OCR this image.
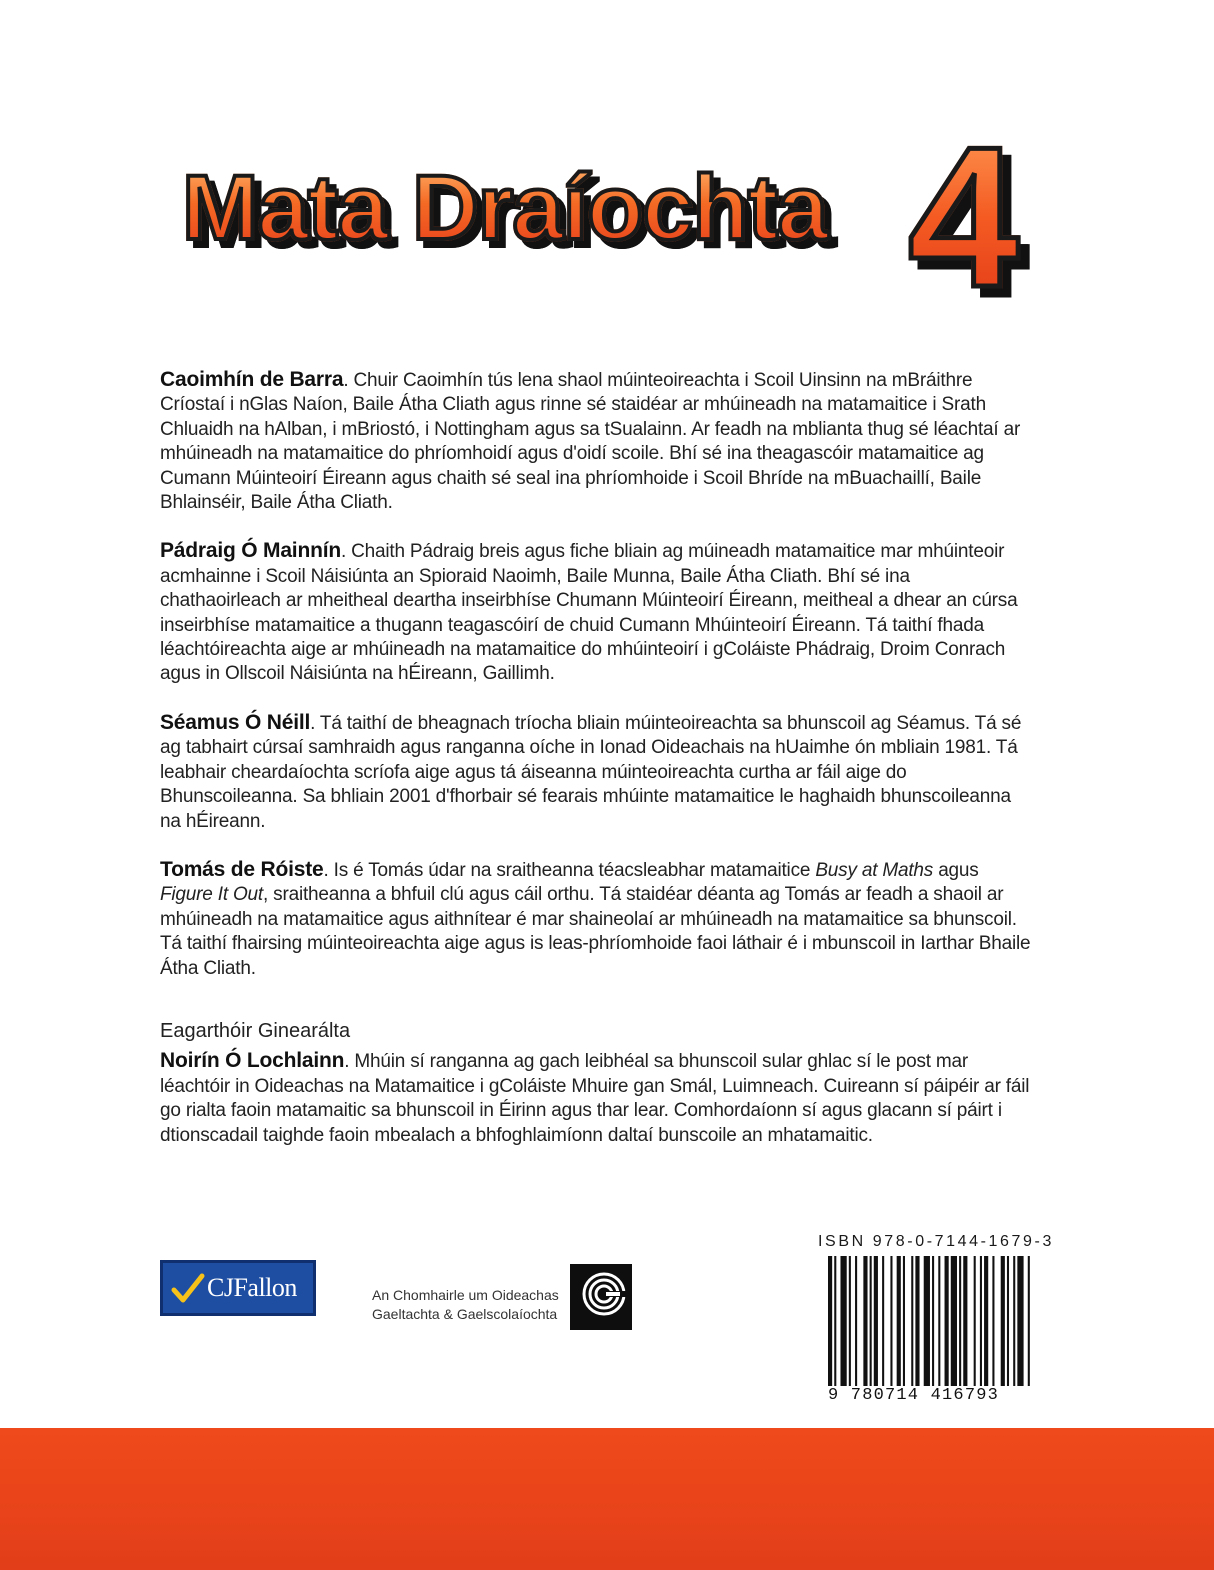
Mata Draíochta 4

Caoimhín de Barra. Chuir Caoimhín tús lena shaol múinteoireachta i Scoil Uinsinn na mBráithre Críostaí i nGlas Naíon, Baile Átha Cliath agus rinne sé staidéar ar mhúineadh na matamaitice i Srath Chluaidh na hAlban, i mBriostó, i Nottingham agus sa tSualainn. Ar feadh na mblianta thug sé léachtaí ar mhúineadh na matamaitice do phríomhoidí agus d'oidí scoile. Bhí sé ina theagascóir matamaitice ag Cumann Múinteoirí Éireann agus chaith sé seal ina phríomhoide i Scoil Bhríde na mBuachaillí, Baile Bhlainséir, Baile Átha Cliath.

Pádraig Ó Mainnín. Chaith Pádraig breis agus fiche bliain ag múineadh matamaitice mar mhúinteoir acmhainne i Scoil Náisiúnta an Spioraid Naoimh, Baile Munna, Baile Átha Cliath. Bhí sé ina chathaoirleach ar mheitheal deartha inseirbhíse Chumann Múinteoirí Éireann, meitheal a dhear an cúrsa inseirbhíse matamaitice a thugann teagascóirí de chuid Cumann Mhúinteoirí Éireann. Tá taithí fhada léachtóireachta aige ar mhúineadh na matamaitice do mhúinteoirí i gColáiste Phádraig, Droim Conrach agus in Ollscoil Náisiúnta na hÉireann, Gaillimh.

Séamus Ó Néill. Tá taithí de bheagnach tríocha bliain múinteoireachta sa bhunscoil ag Séamus. Tá sé ag tabhairt cúrsaí samhraidh agus ranganna oíche in Ionad Oideachais na hUaimhe ón mbliain 1981. Tá leabhair cheardaíochta scríofa aige agus tá áiseanna múinteoireachta curtha ar fáil aige do Bhunscoileanna. Sa bhliain 2001 d'fhorbair sé fearais mhúinte matamaitice le haghaidh bhunscoileanna na hÉireann.

Tomás de Róiste. Is é Tomás údar na sraitheanna téacsleabhar matamaitice Busy at Maths agus Figure It Out, sraitheanna a bhfuil clú agus cáil orthu. Tá staidéar déanta ag Tomás ar feadh a shaoil ar mhúineadh na matamaitice agus aithnítear é mar shaineolaí ar mhúineadh na matamaitice sa bhunscoil. Tá taithí fhairsing múinteoireachta aige agus is leas-phríomhoide faoi láthair é i mbunscoil in Iarthar Bhaile Átha Cliath.

Eagarthóir Ginearálta

Noirín Ó Lochlainn. Mhúin sí ranganna ag gach leibhéal sa bhunscoil sular ghlac sí le post mar léachtóir in Oideachas na Matamaitice i gColáiste Mhuire gan Smál, Luimneach. Cuireann sí páipéir ar fáil go rialta faoin matamaitic sa bhunscoil in Éirinn agus thar lear. Comhordaíonn sí agus glacann sí páirt i dtionscadail taighde faoin mbealach a bhfoghlaimíonn daltaí bunscoile an mhatamaitic.

CJFallon	An Chomhairle um Oideachas
Gaeltachta & Gaelscolaíochta
ISBN 978-0-7144-1679-3
9 780714 416793
